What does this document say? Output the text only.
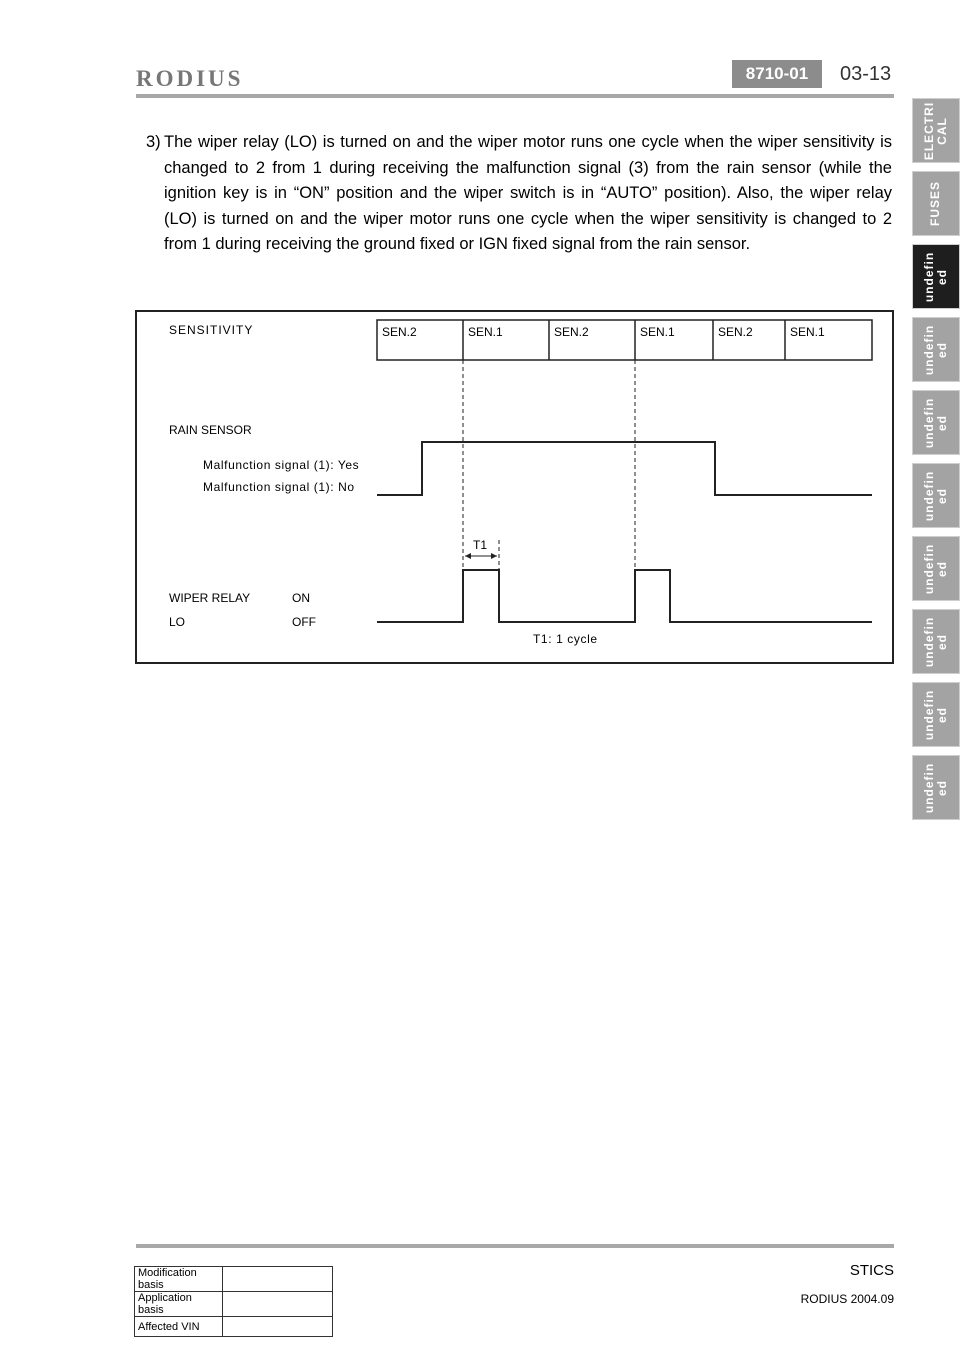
RODIUS	8710-01	03-13
ELECTRI
CAL
FUSES
undefin
ed
undefin
ed
undefin
ed
undefin
ed
undefin
ed
undefin
ed
undefin
ed
undefin
ed
3) The wiper relay (LO) is turned on and the wiper motor runs one cycle when the wiper sensitivity is changed to 2 from 1 during receiving the malfunction signal (3) from the rain sensor (while the ignition key is in “ON” position and the wiper switch is in “AUTO” position). Also, the wiper relay (LO) is turned on and the wiper motor runs one cycle when the wiper sensitivity is changed to 2 from 1 during receiving the ground fixed or IGN fixed signal from the rain sensor.

SENSITIVITY	SEN.2	SEN.1	SEN.2	SEN.1	SEN.2	SEN.1
RAIN SENSOR
Malfunction signal (1): Yes
Malfunction signal (1): No
T1
WIPER RELAY
LO
ON
OFF
T1: 1 cycle
Modification basis	
Application basis	
Affected VIN	
STICS
RODIUS 2004.09
